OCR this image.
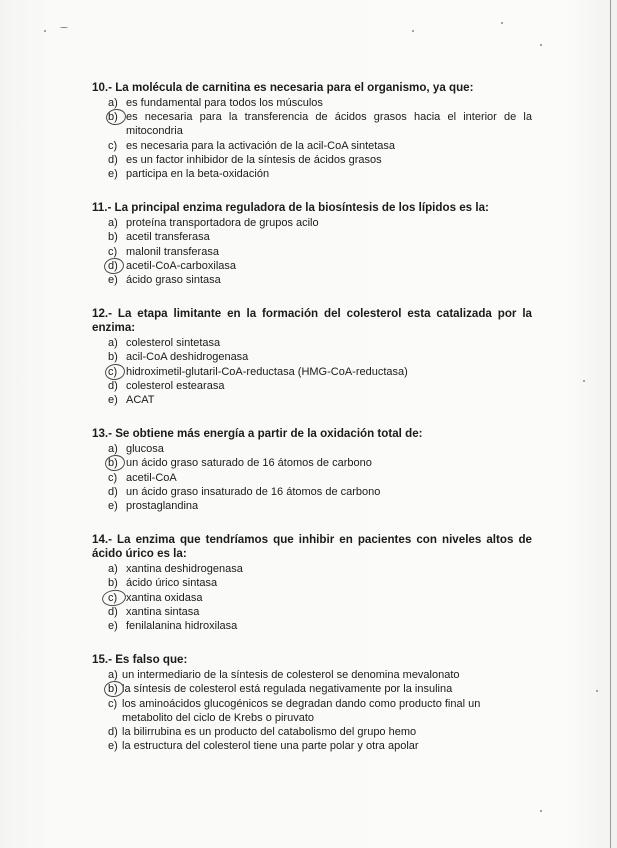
10.- La molécula de carnitina es necesaria para el organismo, ya que:
a) es fundamental para todos los músculos
b) es necesaria para la transferencia de ácidos grasos hacia el interior de la mitocondria
c) es necesaria para la activación de la acil-CoA sintetasa
d) es un factor inhibidor de la síntesis de ácidos grasos
e) participa en la beta-oxidación
11.- La principal enzima reguladora de la biosíntesis de los lípidos es la:
a) proteína transportadora de grupos acilo
b) acetil transferasa
c) malonil transferasa
d) acetil-CoA-carboxilasa
e) ácido graso sintasa
12.- La etapa limitante en la formación del colesterol esta catalizada por la enzima:
a) colesterol sintetasa
b) acil-CoA deshidrogenasa
c) hidroximetil-glutaril-CoA-reductasa (HMG-CoA-reductasa)
d) colesterol estearasa
e) ACAT
13.- Se obtiene más energía a partir de la oxidación total de:
a) glucosa
b) un ácido graso saturado de 16 átomos de carbono
c) acetil-CoA
d) un ácido graso insaturado de 16 átomos de carbono
e) prostaglandina
14.- La enzima que tendríamos que inhibir en pacientes con niveles altos de ácido úrico es la:
a) xantina deshidrogenasa
b) ácido úrico sintasa
c) xantina oxidasa
d) xantina sintasa
e) fenilalanina hidroxilasa
15.- Es falso que:
a) un intermediario de la síntesis de colesterol se denomina mevalonato
b) la síntesis de colesterol está regulada negativamente por la insulina
c) los aminoácidos glucogénicos se degradan dando como producto final un metabolito del ciclo de Krebs o piruvato
d) la bilirrubina es un producto del catabolismo del grupo hemo
e) la estructura del colesterol tiene una parte polar y otra apolar
